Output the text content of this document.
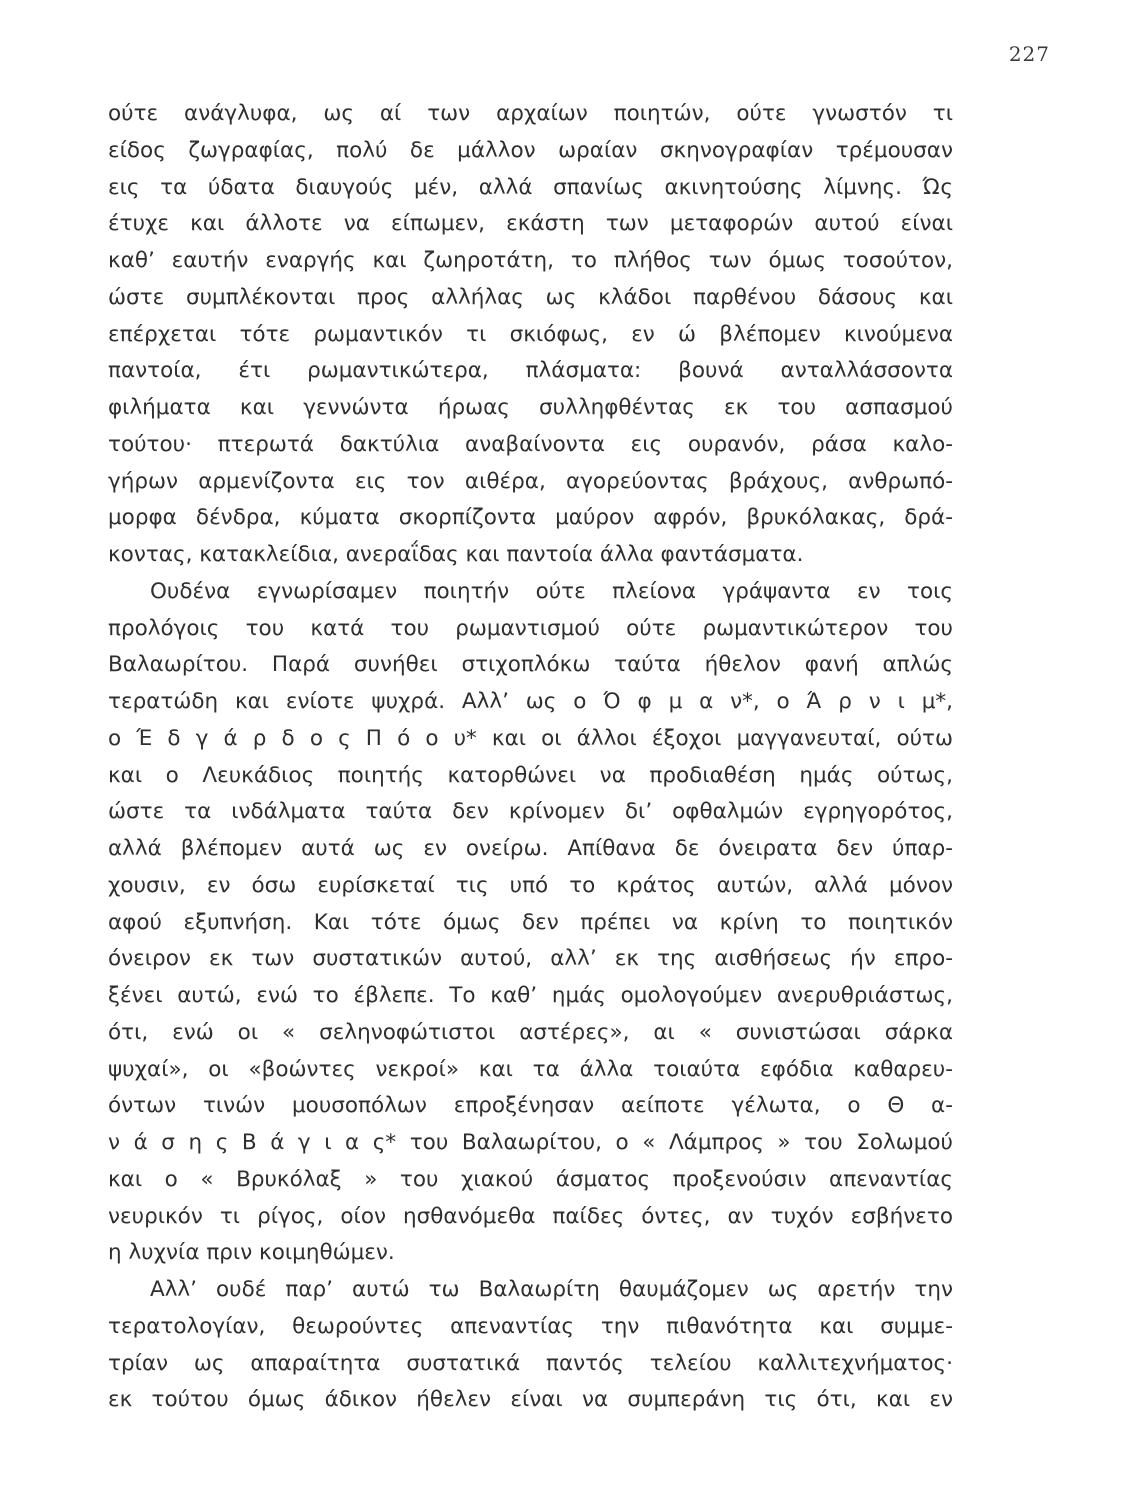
227
ούτε ανάγλυφα, ως αί των αρχαίων ποιητών, ούτε γνωστόν τι
είδος ζωγραφίας, πολύ δε μάλλον ωραίαν σκηνογραφίαν τρέμουσαν
εις τα ύδατα διαυγούς μέν, αλλά σπανίως ακινητούσης λίμνης. Ώς
έτυχε και άλλοτε να είπωμεν, εκάστη των μεταφορών αυτού είναι
καθ’ εαυτήν εναργής και ζωηροτάτη, το πλήθος των όμως τοσούτον,
ώστε συμπλέκονται προς αλλήλας ως κλάδοι παρθένου δάσους και
επέρχεται τότε ρωμαντικόν τι σκιόφως, εν ώ βλέπομεν κινούμενα
παντοία, έτι ρωμαντικώτερα, πλάσματα: βουνά ανταλλάσσοντα
φιλήματα και γεννώντα ήρωας συλληφθέντας εκ του ασπασμού
τούτου· πτερωτά δακτύλια αναβαίνοντα εις ουρανόν, ράσα καλο-
γήρων αρμενίζοντα εις τον αιθέρα, αγορεύοντας βράχους, ανθρωπό-
μορφα δένδρα, κύματα σκορπίζοντα μαύρον αφρόν, βρυκόλακας, δρά-
κοντας, κατακλείδια, ανεραΐδας και παντοία άλλα φαντάσματα.
Ουδένα εγνωρίσαμεν ποιητήν ούτε πλείονα γράψαντα εν τοις
προλόγοις του κατά του ρωμαντισμού ούτε ρωμαντικώτερον του
Βαλαωρίτου. Παρά συνήθει στιχοπλόκω ταύτα ήθελον φανή απλώς
τερατώδη και ενίοτε ψυχρά. Αλλ’ ως ο Ό φ μ α ν*, ο Ά ρ ν ι μ*,
ο Έ δ γ ά ρ δ ο ς Π ό ο υ* και οι άλλοι έξοχοι μαγγανευταί, ούτω
και ο Λευκάδιος ποιητής κατορθώνει να προδιαθέση ημάς ούτως,
ώστε τα ινδάλματα ταύτα δεν κρίνομεν δι’ οφθαλμών εγρηγορότος,
αλλά βλέπομεν αυτά ως εν ονείρω. Απίθανα δε όνειρατα δεν ύπαρ-
χουσιν, εν όσω ευρίσκεταί τις υπό το κράτος αυτών, αλλά μόνον
αφού εξυπνήση. Και τότε όμως δεν πρέπει να κρίνη το ποιητικόν
όνειρον εκ των συστατικών αυτού, αλλ’ εκ της αισθήσεως ήν επρο-
ξένει αυτώ, ενώ το έβλεπε. Το καθ’ ημάς ομολογούμεν ανερυθριάστως,
ότι, ενώ οι « σεληνοφώτιστοι αστέρες», αι « συνιστώσαι σάρκα
ψυχαί», οι «βοώντες νεκροί» και τα άλλα τοιαύτα εφόδια καθαρευ-
όντων τινών μουσοπόλων επροξένησαν αείποτε γέλωτα, ο Θ α-
ν ά σ η ς Β ά γ ι α ς* του Βαλαωρίτου, ο « Λάμπρος » του Σολωμού
και ο « Βρυκόλαξ » του χιακού άσματος προξενούσιν απεναντίας
νευρικόν τι ρίγος, οίον ησθανόμεθα παίδες όντες, αν τυχόν εσβήνετο
η λυχνία πριν κοιμηθώμεν.
Αλλ’ ουδέ παρ’ αυτώ τω Βαλαωρίτη θαυμάζομεν ως αρετήν την
τερατολογίαν, θεωρούντες απεναντίας την πιθανότητα και συμμε-
τρίαν ως απαραίτητα συστατικά παντός τελείου καλλιτεχνήματος·
εκ τούτου όμως άδικον ήθελεν είναι να συμπεράνη τις ότι, και εν
